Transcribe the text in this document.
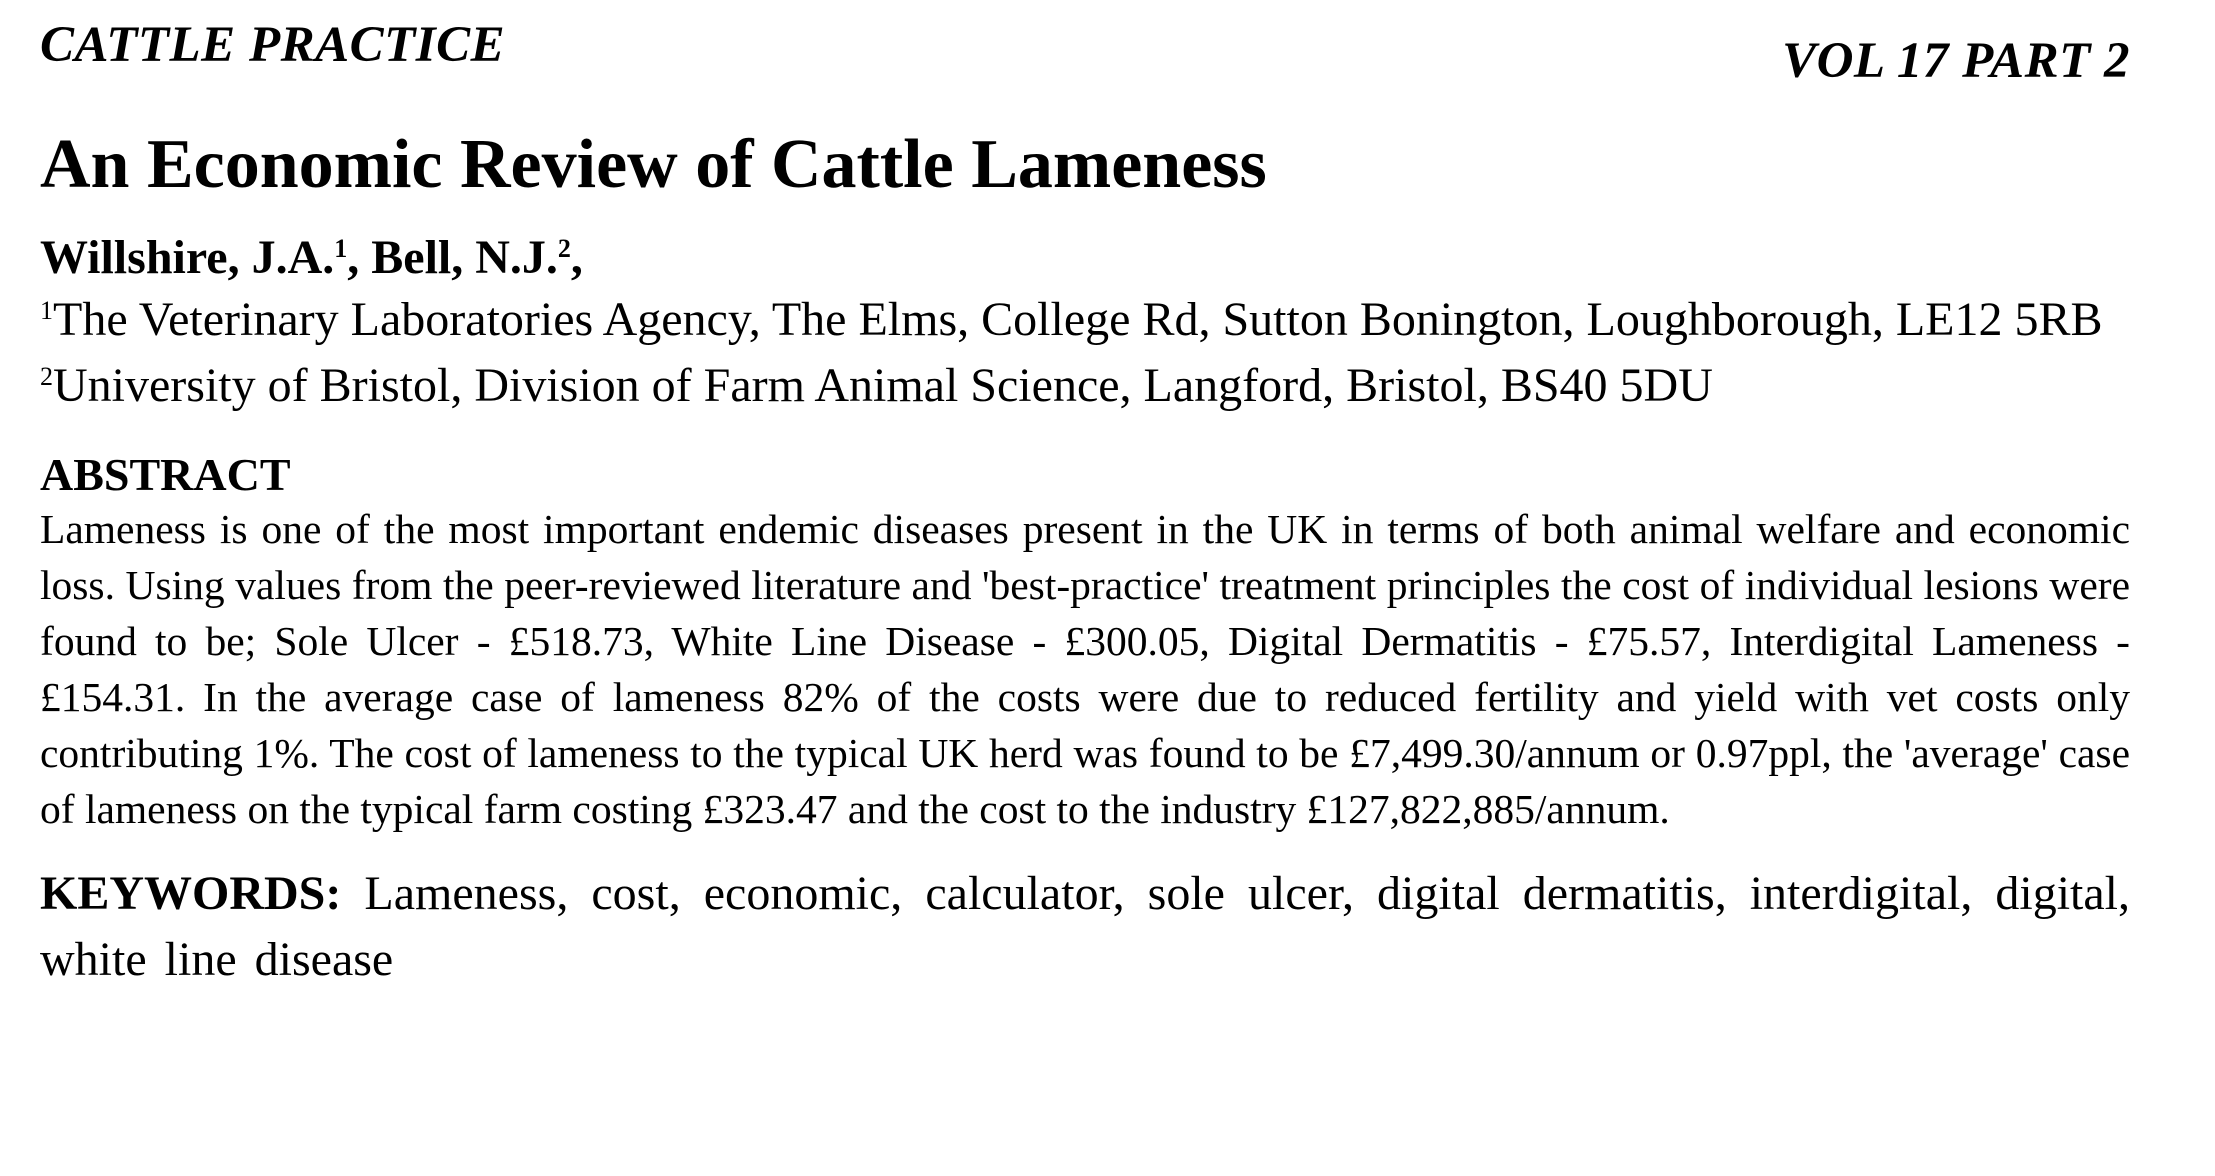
CATTLE PRACTICE	VOL 17 PART 2
An Economic Review of Cattle Lameness
Willshire, J.A.$^1$, Bell, N.J.$^2$,
$^1$The Veterinary Laboratories Agency, The Elms, College Rd, Sutton Bonington, Loughborough, LE12 5RB
$^2$University of Bristol, Division of Farm Animal Science, Langford, Bristol, BS40 5DU
ABSTRACT
Lameness is one of the most important endemic diseases present in the UK in terms of both animal welfare and economic loss. Using values from the peer-reviewed literature and 'best-practice' treatment principles the cost of individual lesions were found to be; Sole Ulcer - £518.73, White Line Disease - £300.05, Digital Dermatitis - £75.57, Interdigital Lameness - £154.31. In the average case of lameness 82% of the costs were due to reduced fertility and yield with vet costs only contributing 1%. The cost of lameness to the typical UK herd was found to be £7,499.30/annum or 0.97ppl, the 'average' case of lameness on the typical farm costing £323.47 and the cost to the industry £127,822,885/annum.
KEYWORDS: Lameness, cost, economic, calculator, sole ulcer, digital dermatitis, interdigital, digital, white line disease
